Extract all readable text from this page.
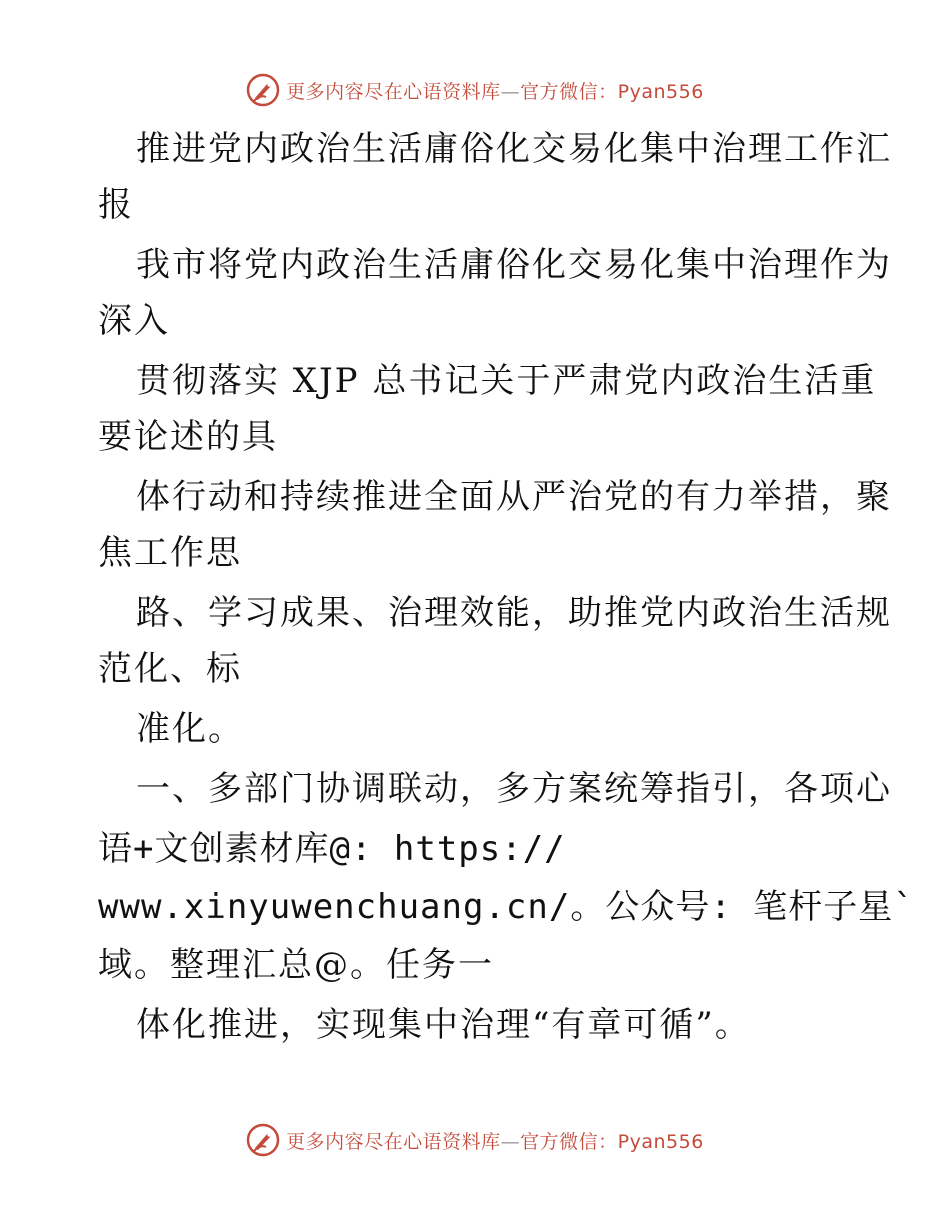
更多内容尽在心语资料库—官方微信：Pyan556
推进党内政治生活庸俗化交易化集中治理工作汇
报
我市将党内政治生活庸俗化交易化集中治理作为
深入
贯彻落实 XJP 总书记关于严肃党内政治生活重
要论述的具
体行动和持续推进全面从严治党的有力举措，聚
焦工作思
路、学习成果、治理效能，助推党内政治生活规
范化、标
准化。
一、多部门协调联动，多方案统筹指引，各项心
语+文创素材库@: https://
www.xinyuwenchuang.cn/。公众号: 笔杆子星`
域。整理汇总@。任务一
体化推进，实现集中治理“有章可循”。
更多内容尽在心语资料库—官方微信：Pyan556
